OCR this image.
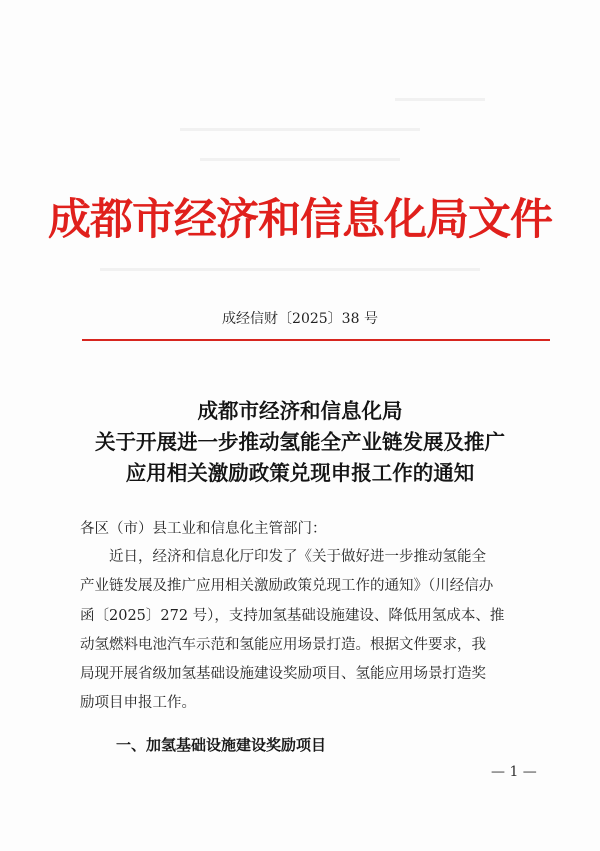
成都市经济和信息化局文件
成经信财〔2025〕38 号
成都市经济和信息化局
关于开展进一步推动氢能全产业链发展及推广
应用相关激励政策兑现申报工作的通知
各区（市）县工业和信息化主管部门：
近日，经济和信息化厅印发了《关于做好进一步推动氢能全
产业链发展及推广应用相关激励政策兑现工作的通知》（川经信办
函〔2025〕272 号），支持加氢基础设施建设、降低用氢成本、推
动氢燃料电池汽车示范和氢能应用场景打造。根据文件要求，我
局现开展省级加氢基础设施建设奖励项目、氢能应用场景打造奖
励项目申报工作。
一、加氢基础设施建设奖励项目
— 1 —
